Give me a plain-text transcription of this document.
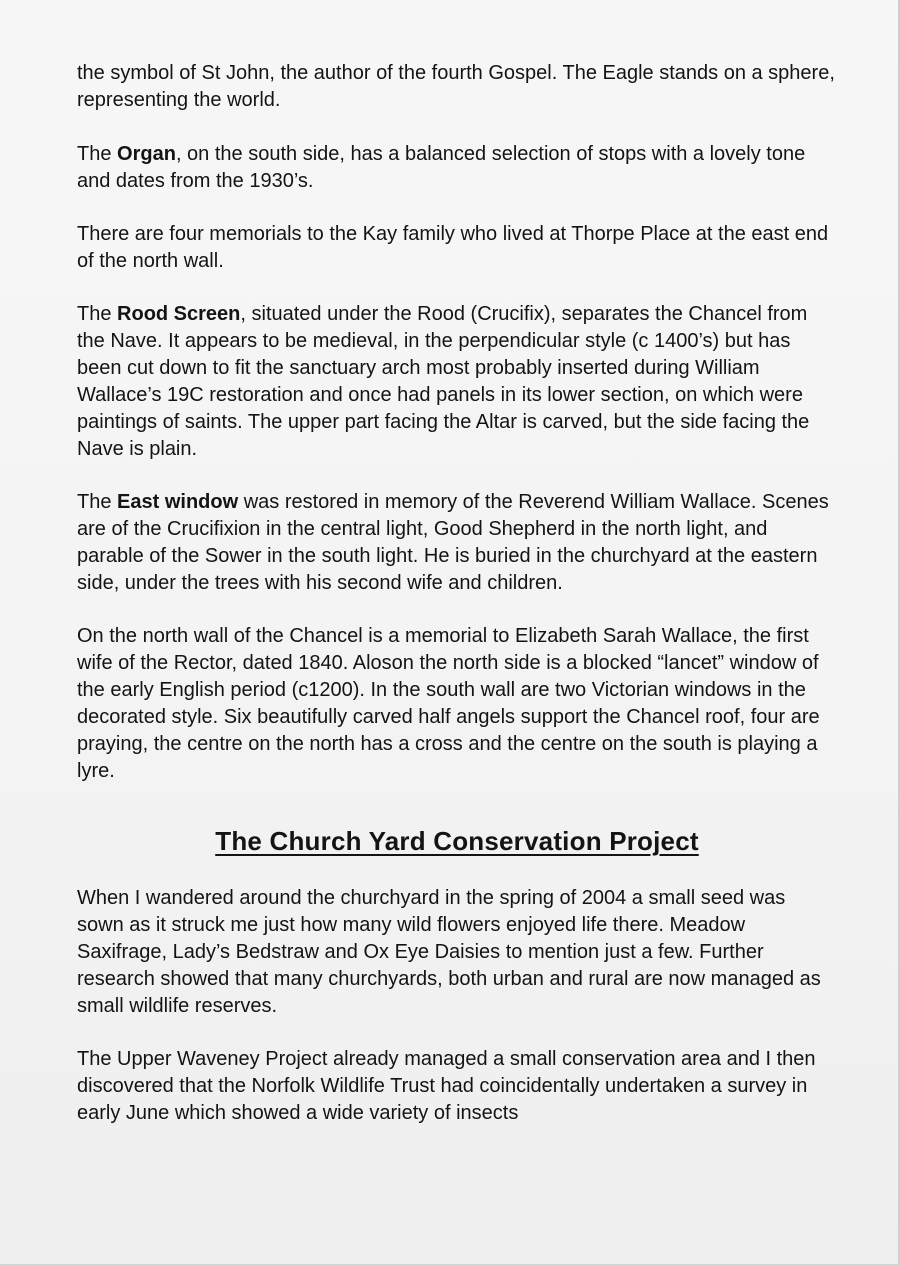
the symbol of St John, the author of the fourth Gospel. The Eagle stands on a sphere, representing the world.

The Organ, on the south side, has a balanced selection of stops with a lovely tone and dates from the 1930’s.

There are four memorials to the Kay family who lived at Thorpe Place at the east end of the north wall.

The Rood Screen, situated under the Rood (Crucifix), separates the Chancel from the Nave. It appears to be medieval, in the perpendicular style (c 1400’s) but has been cut down to fit the sanctuary arch most probably inserted during William Wallace’s 19C restoration and once had panels in its lower section, on which were paintings of saints. The upper part facing the Altar is carved, but the side facing the Nave is plain.

The East window was restored in memory of the Reverend William Wallace. Scenes are of the Crucifixion in the central light, Good Shepherd in the north light, and parable of the Sower in the south light. He is buried in the churchyard at the eastern side, under the trees with his second wife and children.

On the north wall of the Chancel is a memorial to Elizabeth Sarah Wallace, the first wife of the Rector, dated 1840. Aloson the north side is a blocked “lancet” window of the early English period (c1200). In the south wall are two Victorian windows in the decorated style. Six beautifully carved half angels support the Chancel roof, four are praying, the centre on the north has a cross and the centre on the south is playing a lyre.

The Church Yard Conservation Project

When I wandered around the churchyard in the spring of 2004 a small seed was sown as it struck me just how many wild flowers enjoyed life there. Meadow Saxifrage, Lady’s Bedstraw and Ox Eye Daisies to mention just a few. Further research showed that many churchyards, both urban and rural are now managed as small wildlife reserves.

The Upper Waveney Project already managed a small conservation area and I then discovered that the Norfolk Wildlife Trust had coincidentally undertaken a survey in early June which showed a wide variety of insects
